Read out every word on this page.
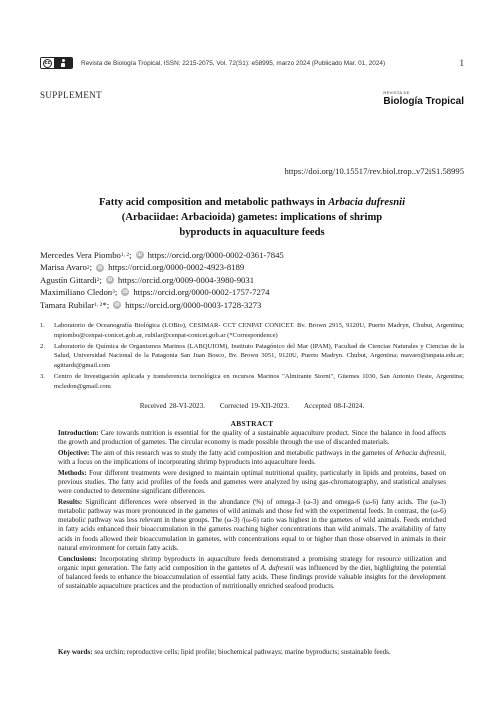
cc	Revista de Biología Tropical, ISSN: 2215-2075, Vol. 72(S1): e58995, marzo 2024 (Publicado Mar. 01, 2024)	1
SUPPLEMENT	REVISTA DE
Biología Tropical
https://doi.org/10.15517/rev.biol.trop..v72iS1.58995
Fatty acid composition and metabolic pathways in Arbacia dufresnii
(Arbaciidae: Arbacioida) gametes: implications of shrimp
byproducts in aquaculture feeds
Mercedes Vera Piombo 1, 2 ; iD https://orcid.org/0000-0002-0361-7845
Marisa Avaro 2 ; iD https://orcid.org/0000-0002-4923-8189
Agustín Gittardi 2 ; iD https://orcid.org/0009-0004-3980-9031
Maximiliano Cledon 3 ; iD https://orcid.org/0000-0002-1757-7274
Tamara Rubilar 1, 2 *; iD https://orcid.org/0000-0003-1728-3273
1.	Laboratorio de Oceanografía Biológica (LOBio), CESIMAR- CCT CENPAT CONICET. Bv. Brown 2915, 9120U, Puerto Madryn, Chubut, Argentina; mpiombo@cenpat-conicet.gob.ar, rubilar@cenpat-conicet.gob.ar (*Correspondence)
2.	Laboratorio de Química de Organismos Marinos (LABQUIOM), Instituto Patagónico del Mar (IPAM), Facultad de Ciencias Naturales y Ciencias de la Salud, Universidad Nacional de la Patagonia San Juan Bosco, Bv. Brown 3051, 9120U, Puerto Madryn. Chubut, Argentina; mavaro@unpata.edu.ar; agittardi@gmail.com
3.	Centro de Investigación aplicada y transferencia tecnológica en recursos Marinos "Almirante Storni", Güemes 1030, San Antonio Oeste, Argentina; mcledon@gmail.com
Received 28-VI-2023. Corrected 19-XII-2023. Accepted 08-I-2024.
ABSTRACT

Introduction: Care towards nutrition is essential for the quality of a sustainable aquaculture product. Since the balance in food affects the growth and production of gametes. The circular economy is made possible through the use of discarded materials.

Objective: The aim of this research was to study the fatty acid composition and metabolic pathways in the gametes of Arbacia dufresnii, with a focus on the implications of incorporating shrimp byproducts into aquaculture feeds.

Methods: Four different treatments were designed to maintain optimal nutritional quality, particularly in lipids and proteins, based on previous studies. The fatty acid profiles of the feeds and gametes were analyzed by using gas-chromatography, and statistical analyses were conducted to determine significant differences.

Results: Significant differences were observed in the abundance (%) of omega-3 (ω-3) and omega-6 (ω-6) fatty acids. The (ω-3) metabolic pathway was more pronounced in the gametes of wild animals and those fed with the experimental feeds. In contrast, the (ω-6) metabolic pathway was less relevant in these groups. The (ω-3) /(ω-6) ratio was highest in the gametes of wild animals. Feeds enriched in fatty acids enhanced their bioaccumulation in the gametes reaching higher concentrations than wild animals. The availability of fatty acids in foods allowed their bioaccumulation in gametes, with concentrations equal to or higher than those observed in animals in their natural environment for certain fatty acids.

Conclusions: Incorporating shrimp byproducts in aquaculture feeds demonstrated a promising strategy for resource utilization and organic input generation. The fatty acid composition in the gametes of A. dufresnii was influenced by the diet, highlighting the potential of balanced feeds to enhance the bioaccumulation of essential fatty acids. These findings provide valuable insights for the development of sustainable aquaculture practices and the production of nutritionally enriched seafood products.

Key words: sea urchin; reproductive cells; lipid profile; biochemical pathways; marine byproducts; sustainable feeds.
